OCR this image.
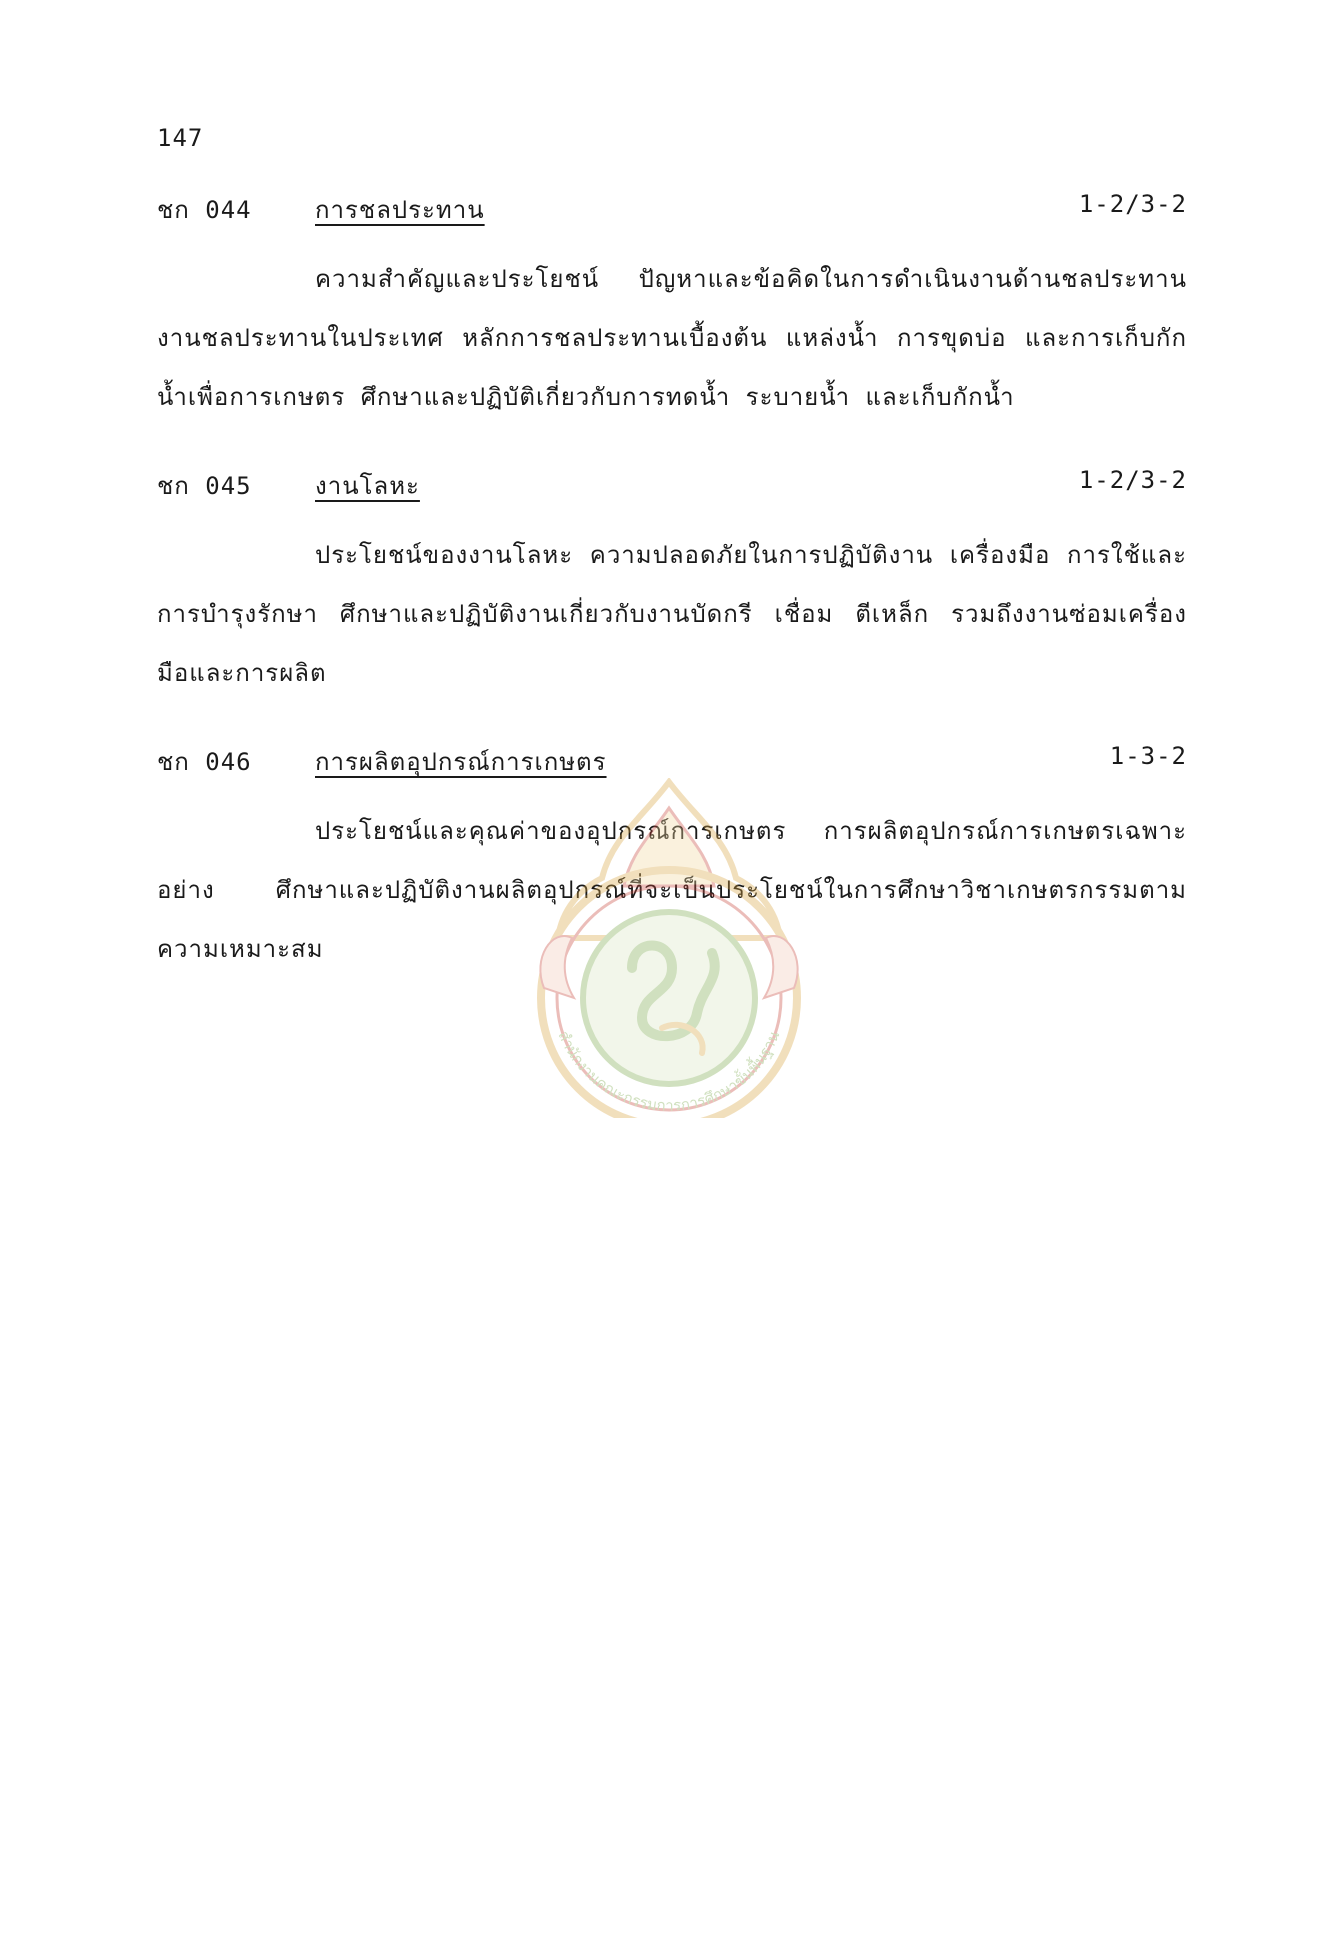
147
ชก 044	การชลประทาน	1-2/3-2
ความสำคัญและประโยชน์ ปัญหาและข้อคิดในการดำเนินงานด้านชลประทาน งานชลประทานในประเทศ หลักการชลประทานเบื้องต้น แหล่งน้ำ การขุดบ่อ และการเก็บกักน้ำเพื่อการเกษตร ศึกษาและปฏิบัติเกี่ยวกับการทดน้ำ ระบายน้ำ และเก็บกักน้ำ
ชก 045	งานโลหะ	1-2/3-2
ประโยชน์ของงานโลหะ ความปลอดภัยในการปฏิบัติงาน เครื่องมือ การใช้และการบำรุงรักษา ศึกษาและปฏิบัติงานเกี่ยวกับงานบัดกรี เชื่อม ตีเหล็ก รวมถึงงานซ่อมเครื่องมือและการผลิต
ชก 046	การผลิตอุปกรณ์การเกษตร	1-3-2
ประโยชน์และคุณค่าของอุปกรณ์การเกษตร การผลิตอุปกรณ์การเกษตรเฉพาะอย่าง ศึกษาและปฏิบัติงานผลิตอุปกรณ์ที่จะเป็นประโยชน์ในการศึกษาวิชาเกษตรกรรมตามความเหมาะสม
สำนักงานคณะกรรมการการศึกษาขั้นพื้นฐาน
